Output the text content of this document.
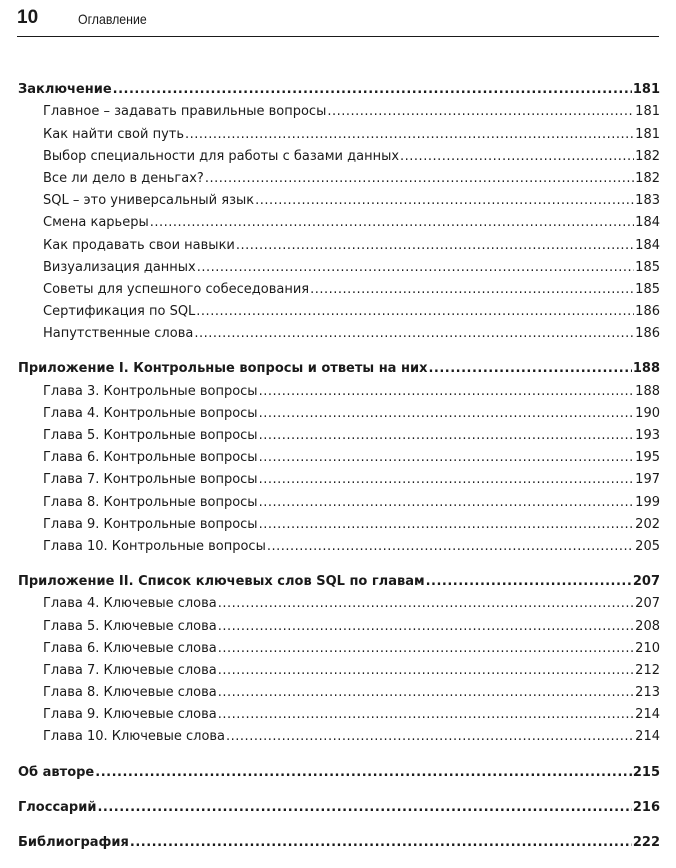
10	Оглавление
Заключение .....	181
Главное – задавать правильные вопросы .....	181
Как найти свой путь .....	181
Выбор специальности для работы с базами данных .....	182
Все ли дело в деньгах? .....	182
SQL – это универсальный язык .....	183
Смена карьеры .....	184
Как продавать свои навыки .....	184
Визуализация данных .....	185
Советы для успешного собеседования .....	185
Сертификация по SQL .....	186
Напутственные слова .....	186
Приложение I. Контрольные вопросы и ответы на них .....	188
Глава 3. Контрольные вопросы .....	188
Глава 4. Контрольные вопросы .....	190
Глава 5. Контрольные вопросы .....	193
Глава 6. Контрольные вопросы .....	195
Глава 7. Контрольные вопросы .....	197
Глава 8. Контрольные вопросы .....	199
Глава 9. Контрольные вопросы .....	202
Глава 10. Контрольные вопросы .....	205
Приложение II. Список ключевых слов SQL по главам .....	207
Глава 4. Ключевые слова .....	207
Глава 5. Ключевые слова .....	208
Глава 6. Ключевые слова .....	210
Глава 7. Ключевые слова .....	212
Глава 8. Ключевые слова .....	213
Глава 9. Ключевые слова .....	214
Глава 10. Ключевые слова .....	214
Об авторе .....	215
Глоссарий .....	216
Библиография .....	222
